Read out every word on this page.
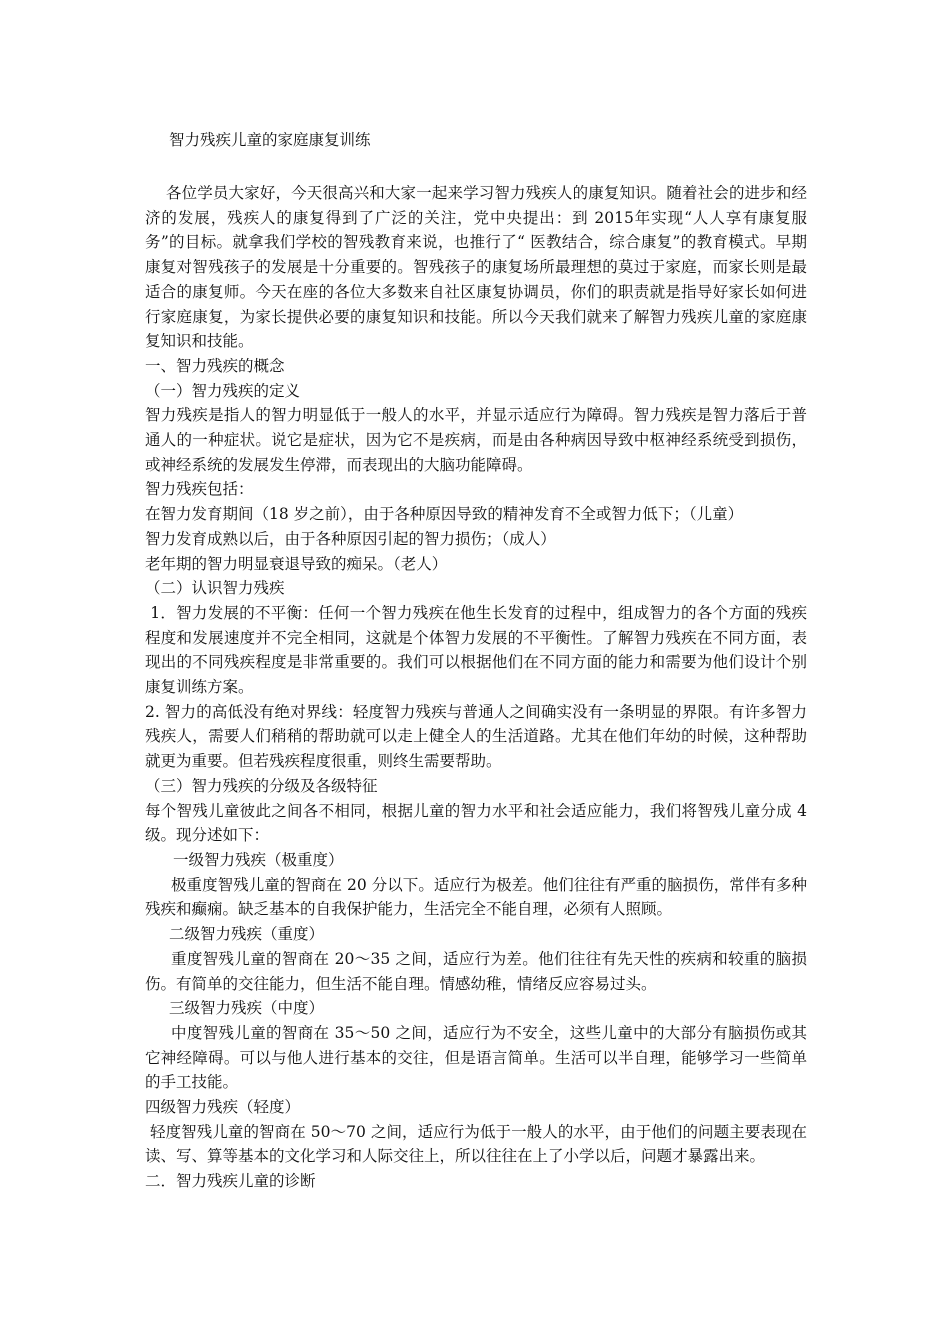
智力残疾儿童的家庭康复训练

各位学员大家好，今天很高兴和大家一起来学习智力残疾人的康复知识。随着社会的进步和经济的发展，残疾人的康复得到了广泛的关注，党中央提出：到 2015年实现“人人享有康复服务”的目标。就拿我们学校的智残教育来说，也推行了“ 医教结合，综合康复”的教育模式。早期康复对智残孩子的发展是十分重要的。智残孩子的康复场所最理想的莫过于家庭，而家长则是最适合的康复师。今天在座的各位大多数来自社区康复协调员，你们的职责就是指导好家长如何进行家庭康复，为家长提供必要的康复知识和技能。所以今天我们就来了解智力残疾儿童的家庭康复知识和技能。

一、智力残疾的概念

（一）智力残疾的定义

智力残疾是指人的智力明显低于一般人的水平，并显示适应行为障碍。智力残疾是智力落后于普通人的一种症状。说它是症状，因为它不是疾病，而是由各种病因导致中枢神经系统受到损伤，或神经系统的发展发生停滞，而表现出的大脑功能障碍。

智力残疾包括：

在智力发育期间（18 岁之前），由于各种原因导致的精神发育不全或智力低下；（儿童）

智力发育成熟以后，由于各种原因引起的智力损伤；（成人）

老年期的智力明显衰退导致的痴呆。（老人）

（二）认识智力残疾

1．智力发展的不平衡：任何一个智力残疾在他生长发育的过程中，组成智力的各个方面的残疾程度和发展速度并不完全相同，这就是个体智力发展的不平衡性。了解智力残疾在不同方面，表现出的不同残疾程度是非常重要的。我们可以根据他们在不同方面的能力和需要为他们设计个别康复训练方案。

2. 智力的高低没有绝对界线：轻度智力残疾与普通人之间确实没有一条明显的界限。有许多智力残疾人，需要人们稍稍的帮助就可以走上健全人的生活道路。尤其在他们年幼的时候，这种帮助就更为重要。但若残疾程度很重，则终生需要帮助。

（三）智力残疾的分级及各级特征

每个智残儿童彼此之间各不相同，根据儿童的智力水平和社会适应能力，我们将智残儿童分成 4 级。现分述如下：

一级智力残疾（极重度）

极重度智残儿童的智商在 20 分以下。适应行为极差。他们往往有严重的脑损伤，常伴有多种残疾和癫痫。缺乏基本的自我保护能力，生活完全不能自理，必须有人照顾。

二级智力残疾（重度）

重度智残儿童的智商在 20～35 之间，适应行为差。他们往往有先天性的疾病和较重的脑损伤。有简单的交往能力，但生活不能自理。情感幼稚，情绪反应容易过头。

三级智力残疾（中度）

中度智残儿童的智商在 35～50 之间，适应行为不安全，这些儿童中的大部分有脑损伤或其它神经障碍。可以与他人进行基本的交往，但是语言简单。生活可以半自理，能够学习一些简单的手工技能。

四级智力残疾（轻度）

轻度智残儿童的智商在 50～70 之间，适应行为低于一般人的水平，由于他们的问题主要表现在读、写、算等基本的文化学习和人际交往上，所以往往在上了小学以后，问题才暴露出来。

二．智力残疾儿童的诊断
